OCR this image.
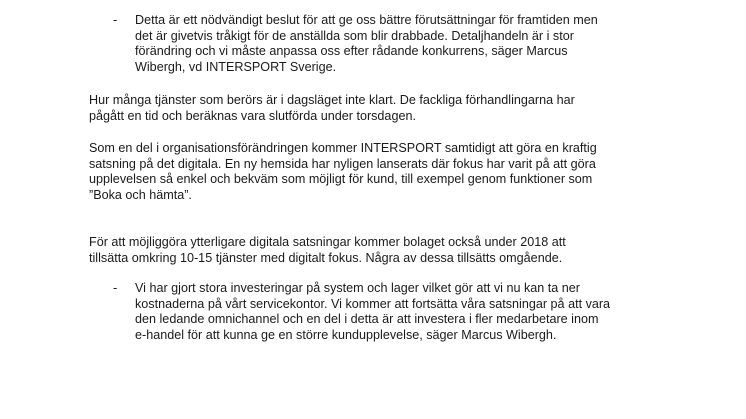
- Detta är ett nödvändigt beslut för att ge oss bättre förutsättningar för framtiden men
det är givetvis tråkigt för de anställda som blir drabbade. Detaljhandeln är i stor
förändring och vi måste anpassa oss efter rådande konkurrens, säger Marcus
Wibergh, vd INTERSPORT Sverige.

Hur många tjänster som berörs är i dagsläget inte klart. De fackliga förhandlingarna har
pågått en tid och beräknas vara slutförda under torsdagen.

Som en del i organisationsförändringen kommer INTERSPORT samtidigt att göra en kraftig
satsning på det digitala. En ny hemsida har nyligen lanserats där fokus har varit på att göra
upplevelsen så enkel och bekväm som möjligt för kund, till exempel genom funktioner som
”Boka och hämta”.

För att möjliggöra ytterligare digitala satsningar kommer bolaget också under 2018 att
tillsätta omkring 10-15 tjänster med digitalt fokus. Några av dessa tillsätts omgående.

- Vi har gjort stora investeringar på system och lager vilket gör att vi nu kan ta ner
kostnaderna på vårt servicekontor. Vi kommer att fortsätta våra satsningar på att vara
den ledande omnichannel och en del i detta är att investera i fler medarbetare inom
e-handel för att kunna ge en större kundupplevelse, säger Marcus Wibergh.
